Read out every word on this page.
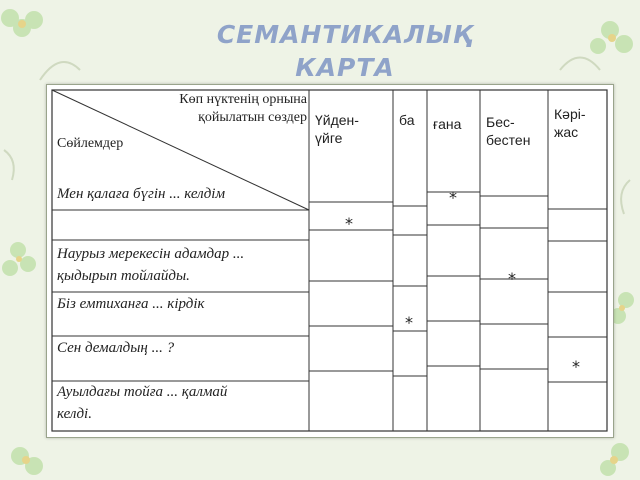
СЕМАНТИКАЛЫҚ КАРТА
Көп нүктенің орнына қойылатын сөздер
Сөйлемдер
Үйден-үйге
ба ғана Бес-бестен
Кәрі-жас
Мен қалаға бүгін ... келдім
Наурыз мерекесін адамдар ... қыдырып тойлайды.
Біз емтиханға ... кірдік
Сен демалдың ... ?
Ауылдағы тойға ... қалмай келді.
*
*
*
*
*
